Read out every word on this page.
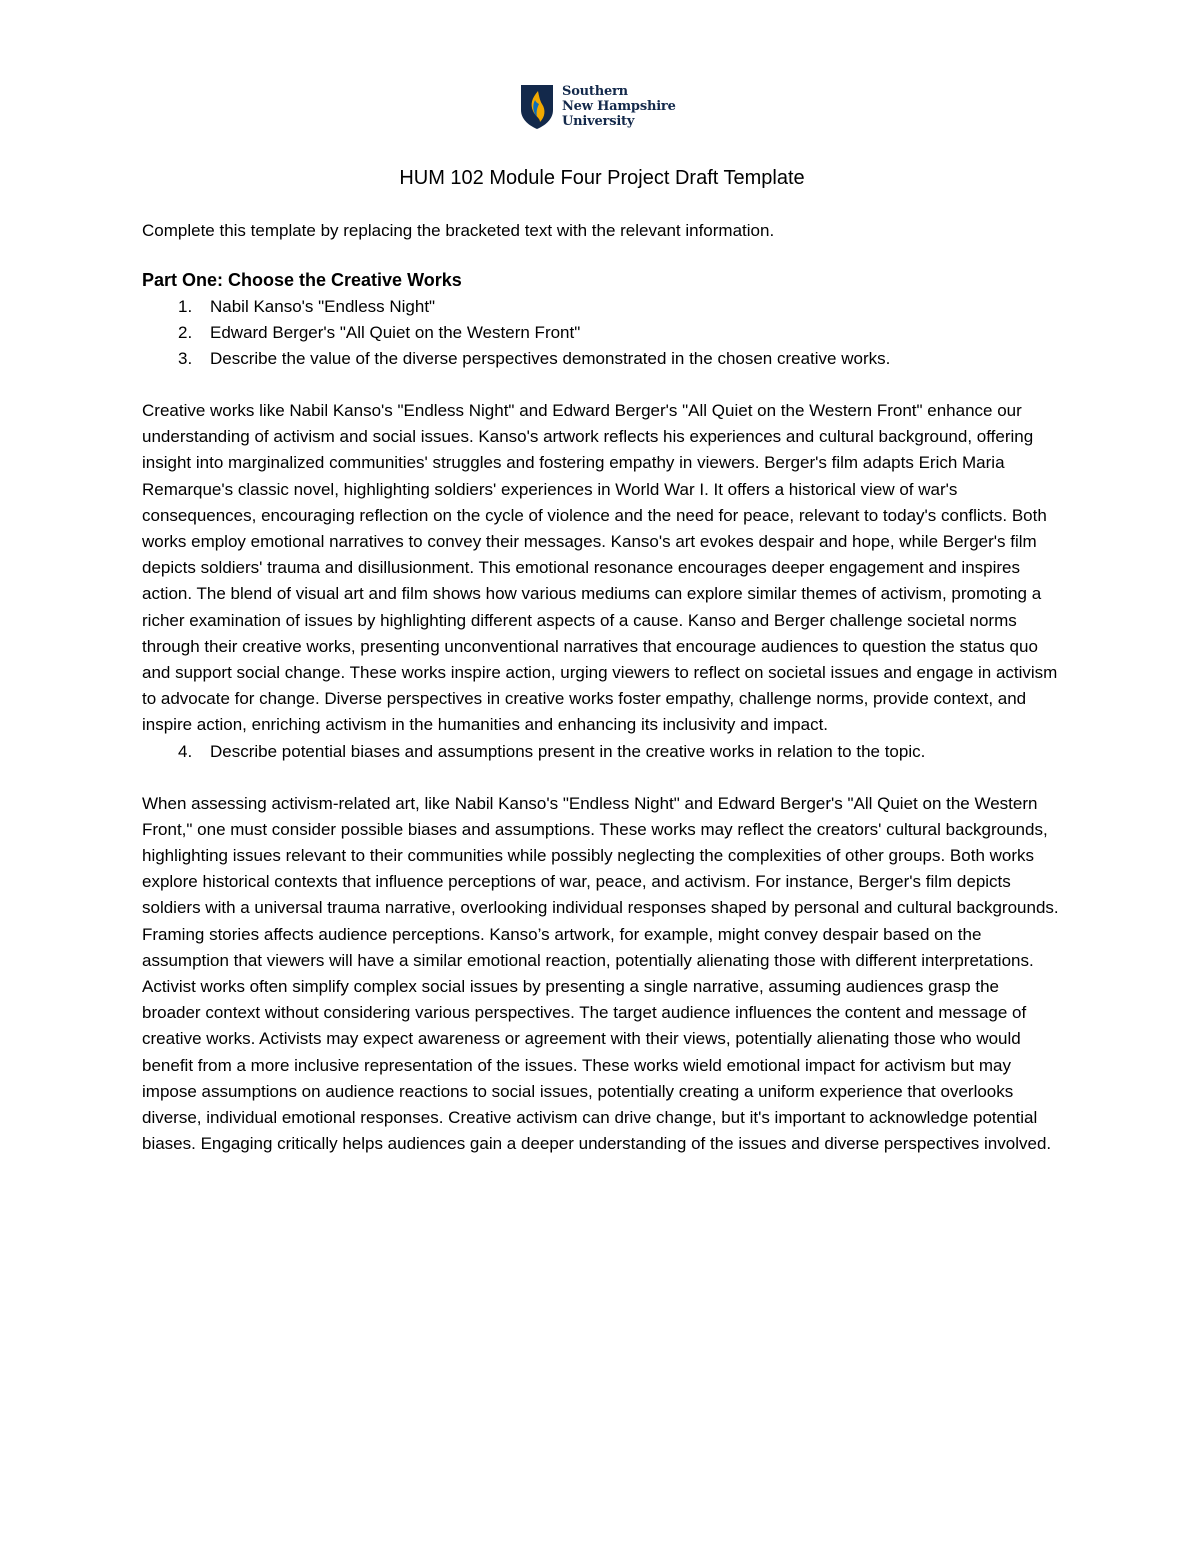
Southern
New Hampshire
University
HUM 102 Module Four Project Draft Template
Complete this template by replacing the bracketed text with the relevant information.
Part One: Choose the Creative Works
1.	Nabil Kanso's "Endless Night"
2.	Edward Berger's "All Quiet on the Western Front"
3.	Describe the value of the diverse perspectives demonstrated in the chosen creative works.

Creative works like Nabil Kanso's "Endless Night" and Edward Berger's "All Quiet on the Western Front" enhance our understanding of activism and social issues. Kanso's artwork reflects his experiences and cultural background, offering insight into marginalized communities' struggles and fostering empathy in viewers. Berger's film adapts Erich Maria Remarque's classic novel, highlighting soldiers' experiences in World War I. It offers a historical view of war's consequences, encouraging reflection on the cycle of violence and the need for peace, relevant to today's conflicts. Both works employ emotional narratives to convey their messages. Kanso's art evokes despair and hope, while Berger's film depicts soldiers' trauma and disillusionment. This emotional resonance encourages deeper engagement and inspires action. The blend of visual art and film shows how various mediums can explore similar themes of activism, promoting a richer examination of issues by highlighting different aspects of a cause. Kanso and Berger challenge societal norms through their creative works, presenting unconventional narratives that encourage audiences to question the status quo and support social change. These works inspire action, urging viewers to reflect on societal issues and engage in activism to advocate for change. Diverse perspectives in creative works foster empathy, challenge norms, provide context, and inspire action, enriching activism in the humanities and enhancing its inclusivity and impact.

4.	Describe potential biases and assumptions present in the creative works in relation to the topic.

When assessing activism-related art, like Nabil Kanso's "Endless Night" and Edward Berger's "All Quiet on the Western Front," one must consider possible biases and assumptions. These works may reflect the creators' cultural backgrounds, highlighting issues relevant to their communities while possibly neglecting the complexities of other groups. Both works explore historical contexts that influence perceptions of war, peace, and activism. For instance, Berger's film depicts soldiers with a universal trauma narrative, overlooking individual responses shaped by personal and cultural backgrounds. Framing stories affects audience perceptions. Kanso’s artwork, for example, might convey despair based on the assumption that viewers will have a similar emotional reaction, potentially alienating those with different interpretations. Activist works often simplify complex social issues by presenting a single narrative, assuming audiences grasp the broader context without considering various perspectives. The target audience influences the content and message of creative works. Activists may expect awareness or agreement with their views, potentially alienating those who would benefit from a more inclusive representation of the issues. These works wield emotional impact for activism but may impose assumptions on audience reactions to social issues, potentially creating a uniform experience that overlooks diverse, individual emotional responses. Creative activism can drive change, but it's important to acknowledge potential biases. Engaging critically helps audiences gain a deeper understanding of the issues and diverse perspectives involved.
